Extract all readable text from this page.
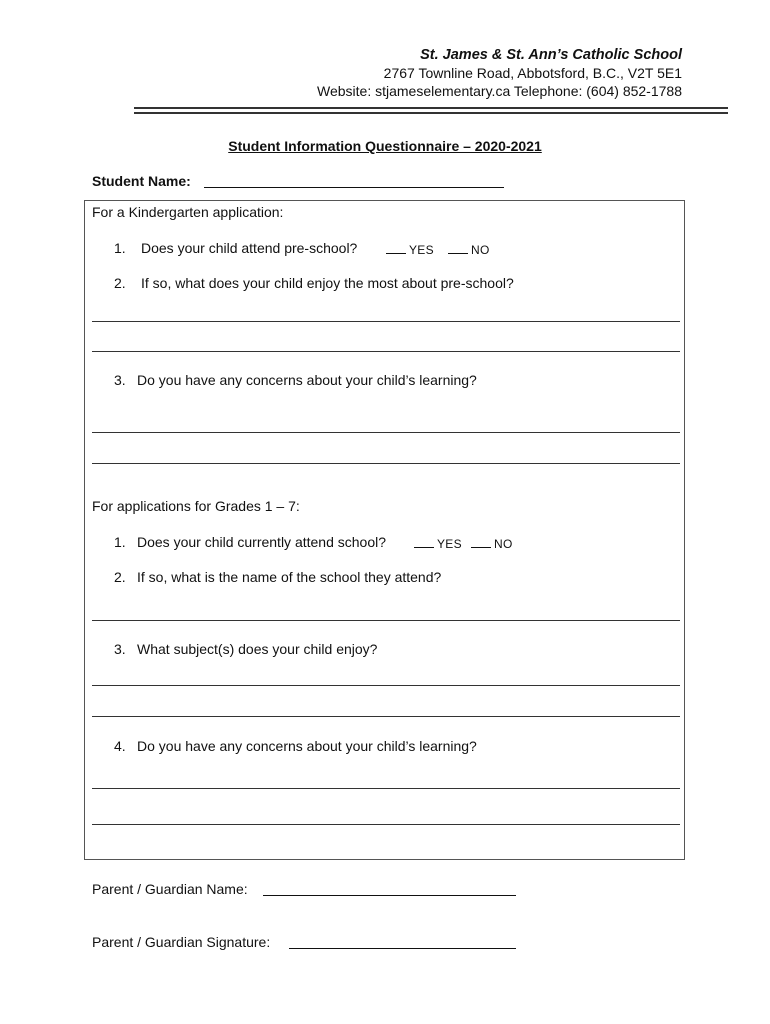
St. James & St. Ann’s Catholic School
2767 Townline Road, Abbotsford, B.C., V2T 5E1
Website: stjameselementary.ca Telephone: (604) 852-1788
Student Information Questionnaire – 2020-2021
Student Name:
For a Kindergarten application:
1. Does your child attend pre-school?	YES	NO
2. If so, what does your child enjoy the most about pre-school?
3. Do you have any concerns about your child’s learning?
For applications for Grades 1 – 7:
1. Does your child currently attend school?	YES	NO
2. If so, what is the name of the school they attend?
3. What subject(s) does your child enjoy?
4. Do you have any concerns about your child’s learning?
Parent / Guardian Name:
Parent / Guardian Signature:
